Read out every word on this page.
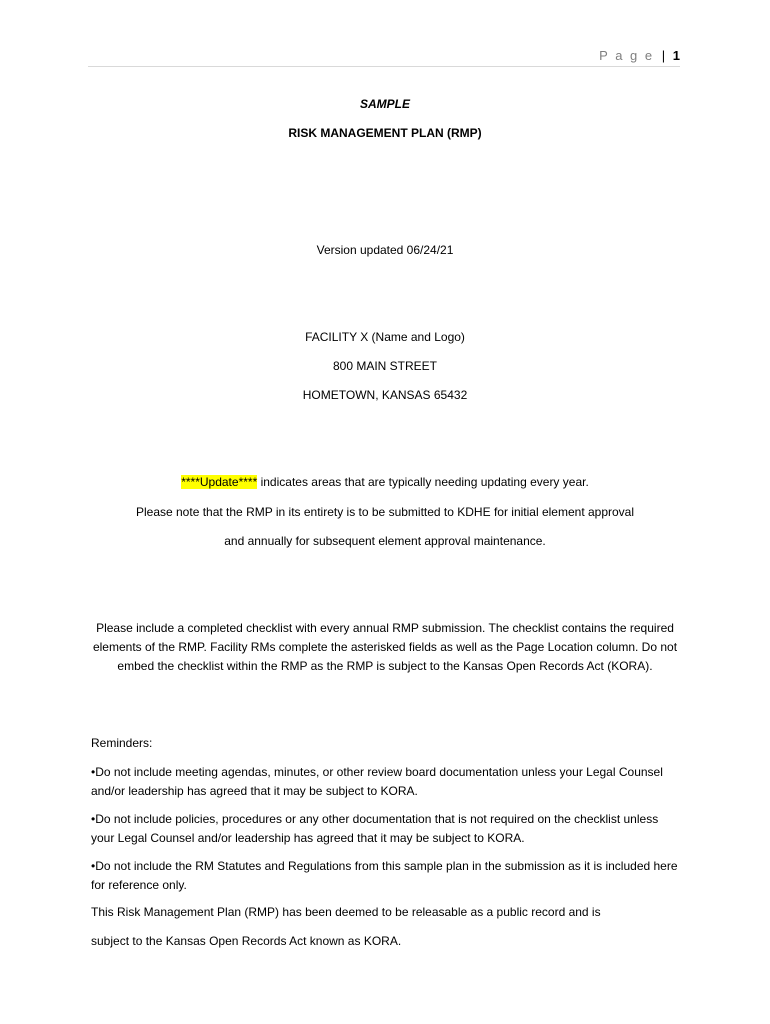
P a g e | 1
SAMPLE
RISK MANAGEMENT PLAN (RMP)
Version updated 06/24/21
FACILITY X (Name and Logo)
800 MAIN STREET
HOMETOWN, KANSAS 65432
****Update**** indicates areas that are typically needing updating every year.
Please note that the RMP in its entirety is to be submitted to KDHE for initial element approval
and annually for subsequent element approval maintenance.
Please include a completed checklist with every annual RMP submission. The checklist contains the required elements of the RMP. Facility RMs complete the asterisked fields as well as the Page Location column. Do not embed the checklist within the RMP as the RMP is subject to the Kansas Open Records Act (KORA).
Reminders:
•Do not include meeting agendas, minutes, or other review board documentation unless your Legal Counsel and/or leadership has agreed that it may be subject to KORA.
•Do not include policies, procedures or any other documentation that is not required on the checklist unless your Legal Counsel and/or leadership has agreed that it may be subject to KORA.
•Do not include the RM Statutes and Regulations from this sample plan in the submission as it is included here for reference only.
This Risk Management Plan (RMP) has been deemed to be releasable as a public record and is
subject to the Kansas Open Records Act known as KORA.
